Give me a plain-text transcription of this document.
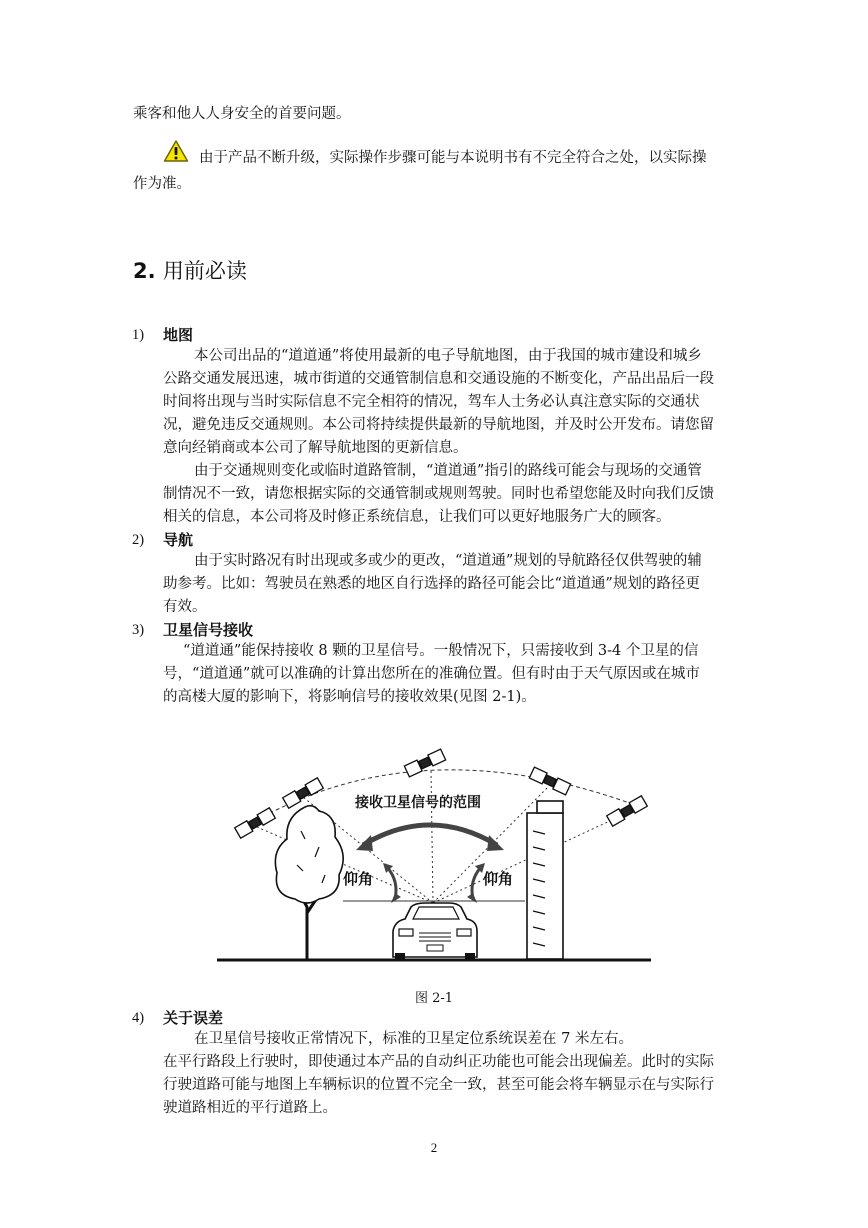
乘客和他人人身安全的首要问题。

由于产品不断升级，实际操作步骤可能与本说明书有不完全符合之处，以实际操

作为准。

2. 用前必读
1) 地图

本公司出品的“道道通”将使用最新的电子导航地图，由于我国的城市建设和城乡

公路交通发展迅速，城市街道的交通管制信息和交通设施的不断变化，产品出品后一段

时间将出现与当时实际信息不完全相符的情况，驾车人士务必认真注意实际的交通状

况，避免违反交通规则。本公司将持续提供最新的导航地图，并及时公开发布。请您留

意向经销商或本公司了解导航地图的更新信息。

由于交通规则变化或临时道路管制，“道道通”指引的路线可能会与现场的交通管

制情况不一致，请您根据实际的交通管制或规则驾驶。同时也希望您能及时向我们反馈

相关的信息，本公司将及时修正系统信息，让我们可以更好地服务广大的顾客。

2) 导航

由于实时路况有时出现或多或少的更改，“道道通”规划的导航路径仅供驾驶的辅

助参考。比如：驾驶员在熟悉的地区自行选择的路径可能会比“道道通”规划的路径更

有效。

3) 卫星信号接收

“道道通”能保持接收 8 颗的卫星信号。一般情况下，只需接收到 3-4 个卫星的信

号，“道道通”就可以准确的计算出您所在的准确位置。但有时由于天气原因或在城市

的高楼大厦的影响下，将影响信号的接收效果(见图 2-1)。

接收卫星信号的范围
仰角	仰角
图 2-1
4) 关于误差

在卫星信号接收正常情况下，标准的卫星定位系统误差在 7 米左右。

在平行路段上行驶时，即使通过本产品的自动纠正功能也可能会出现偏差。此时的实际

行驶道路可能与地图上车辆标识的位置不完全一致，甚至可能会将车辆显示在与实际行

驶道路相近的平行道路上。

2
